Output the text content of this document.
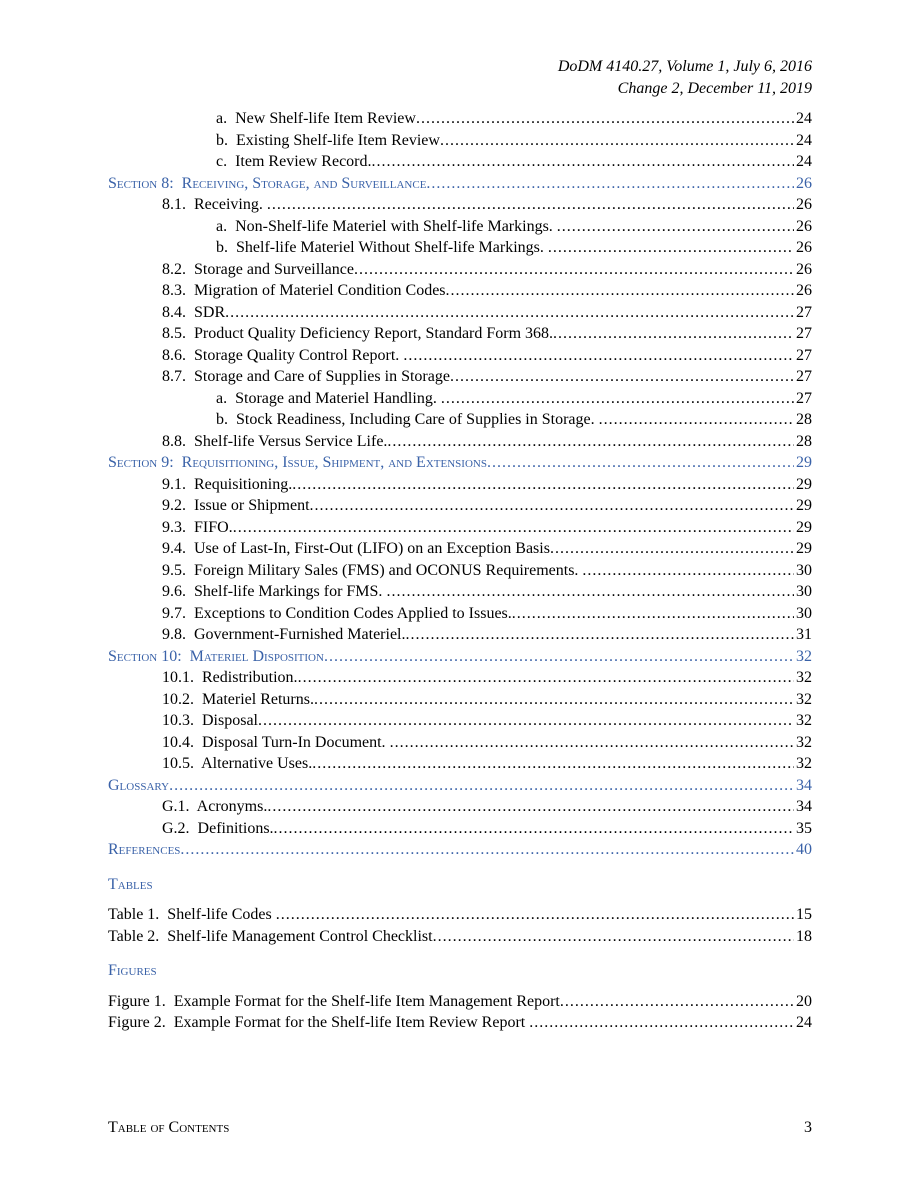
DoDM 4140.27, Volume 1, July 6, 2016
Change 2, December 11, 2019
a.  New Shelf-life Item Review . . .	24
b.  Existing Shelf-life Item Review . . .	24
c.  Item Review Record. . . .	24
Section 8:  Receiving, Storage, and Surveillance . . .	26
8.1.  Receiving. . . .	26
a.  Non-Shelf-life Materiel with Shelf-life Markings. . . .	26
b.  Shelf-life Materiel Without Shelf-life Markings. . . .	26
8.2.  Storage and Surveillance . . .	26
8.3.  Migration of Materiel Condition Codes . . .	26
8.4.  SDR . . .	27
8.5.  Product Quality Deficiency Report, Standard Form 368. . . .	27
8.6.  Storage Quality Control Report. . . .	27
8.7.  Storage and Care of Supplies in Storage . . .	27
a.  Storage and Materiel Handling. . . .	27
b.  Stock Readiness, Including Care of Supplies in Storage. . . .	28
8.8.  Shelf-life Versus Service Life. . . .	28
Section 9:  Requisitioning, Issue, Shipment, and Extensions . . .	29
9.1.  Requisitioning. . . .	29
9.2.  Issue or Shipment . . .	29
9.3.  FIFO. . . .	29
9.4.  Use of Last-In, First-Out (LIFO) on an Exception Basis . . .	29
9.5.  Foreign Military Sales (FMS) and OCONUS Requirements. . . .	30
9.6.  Shelf-life Markings for FMS. . . .	30
9.7.  Exceptions to Condition Codes Applied to Issues. . . .	30
9.8.  Government-Furnished Materiel. . . .	31
Section 10:  Materiel Disposition . . .	32
10.1.  Redistribution. . . .	32
10.2.  Materiel Returns. . . .	32
10.3.  Disposal . . .	32
10.4.  Disposal Turn-In Document. . . .	32
10.5.  Alternative Uses. . . .	32
Glossary . . .	34
G.1.  Acronyms. . . .	34
G.2.  Definitions. . . .	35
References . . .	40
Tables
Table 1.  Shelf-life Codes . . .	15
Table 2.  Shelf-life Management Control Checklist . . .	18
Figures
Figure 1.  Example Format for the Shelf-life Item Management Report . . .	20
Figure 2.  Example Format for the Shelf-life Item Review Report . . .	24
Table of Contents	3
